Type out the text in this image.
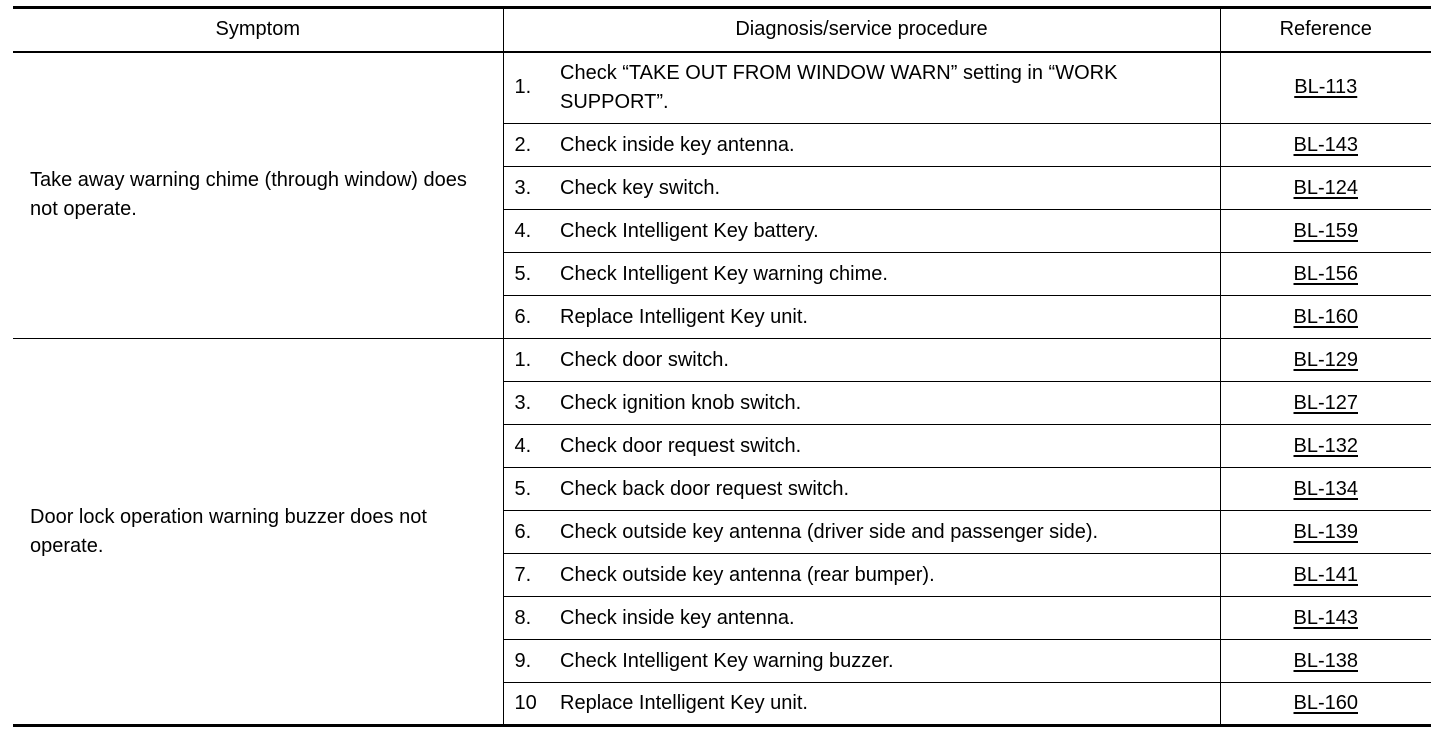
Symptom	Diagnosis/service procedure		Reference
Take away warning chime (through window) does not operate.	1.	Check “TAKE OUT FROM WINDOW WARN” setting in “WORK SUPPORT”.	BL-113
	2.	Check inside key antenna.	BL-143
	3.	Check key switch.	BL-124
	4.	Check Intelligent Key battery.	BL-159
	5.	Check Intelligent Key warning chime.	BL-156
	6.	Replace Intelligent Key unit.	BL-160
Door lock operation warning buzzer does not operate.	1.	Check door switch.	BL-129
	3.	Check ignition knob switch.	BL-127
	4.	Check door request switch.	BL-132
	5.	Check back door request switch.	BL-134
	6.	Check outside key antenna (driver side and passenger side).	BL-139
	7.	Check outside key antenna (rear bumper).	BL-141
	8.	Check inside key antenna.	BL-143
	9.	Check Intelligent Key warning buzzer.	BL-138
	10	Replace Intelligent Key unit.	BL-160
